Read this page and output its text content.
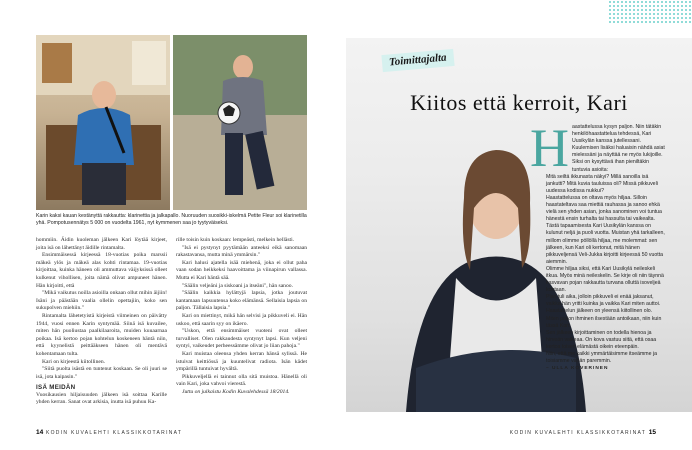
Karin kaksi kauan kestänyttä rakkautta: klarinettia ja jalkapallo. Nuoruuden suosikki-iskelmä Petite Fleur soi klarinetilla yhä. Pompotusennätys 5 000 on vuodelta 1961, nyt kymmenen saa jo tyytyväiseksi.

hommiin. Äidin kuoleman jälkeen Kari löytää kirjeet, joita isä on lähettänyt äidille rintamalta.

Ensimmäisessä kirjeessä 18-vuotias poika marssii mäkeä ylös ja mäkeä alas kohti rintamaa. 19-vuotias kirjoittaa, kuinka häneen oli ammuttava väijyksissä olleet kulkenut vihollisen, joita nämä olivat ampuneet hänen. Hän kirjoitti, että

"Mikä vaikutus noilla asioilla onkaan ollut mihin äijiin! Isäni ja päästään vaalia ollelin opettajiin, koko sen sukupolven miehiin."

Rintamalta lähetetyistä kirjeistä viimeinen on päivätty 1944, vuosi ennen Karin syntymää. Siinä isä kuvailee, miten hän puoliustaa paalkilaaroita, muiden kuuaarnaa poikaa. Isä kertoo pojan kohtelun koskeneen häntä niin, että kyynelistä peittääkseen hänen oli mentävä kohentamaan tulta.

Kari on kirjeestä kiitollinen.

"Siitä puolta isästä en tuntenut koskaan. Se oli juuri se isä, jota kaipasin."

ISÄ MEIDÄN

Vuosikausien hiljaisuuden jälkeen isä soittaa Karille yhden kerran. Sanat ovat arkisia, inutta isä puhuu Ka-

rille toisin kuin koskaan: lempeästi, melkein hellästi.

"Isä ei pystynyt pyytämään anteeksi eikä sanomaan rakastavansa, mutta minä ymmärsin."

Kari halusi ajatella isää miehenä, joka ei ollut paha vaan sodan heikkeksi haavoittama ja viinapirun vallassa. Mutta ei Kari häntä sää.

"Säälin veljeäni ja siskoani ja itseäni", hän sanoo.

"Säälin kaikkia hylättyjä lapsia, jotka joutuvat kantamaan lapsuutensa koko elämänsä. Sellaisia lapsia on paljon. Tällaisia lapsia."

Kari on miettinyt, mikä hän selvisi ja pikkuveli ei. Hän uskoo, että saarin syy on ikäero.

"Uskon, että ensimmäiset vuoteni ovat olleet turvalliset. Olen rakkaudesta syntynyt lapsi. Kun veljeni syntyi, vaikeudet perheessämme olivat jo liian pahoja."

Kari muistaa oleensa yhden kerran hänsä sylissä. He istuivat keittiössä ja kuuntelivat radiota. Isän kädet ympärillä tuntuivat hyvältä.

Pikkuveljellä ei tainnut olla sitä muistoa. Hänellä oli vain Kari, joka vahvoi vierestä.

Juttu on julkaistu Kodin Kuvalehdessä 18/2014.

14 KODIN KUVALEHTI KLASSIKKOTARINAT
Toimittajalta
Kiitos että kerroit, Kari
H aastattelussa kysyn paljon. Niin tätäkin henkilöhaastattelua tehdessä, Kari Uusikylän kanssa jutellessani. Kuulemisen lisäksi haluaisin nähdä asiat mielessäni ja näyttää ne myös lukijoille. Siksi on kysyttävä ihan pieniltäkin tuntuvia asioita:

Mitä seiltä ikkunasta näkyi? Millä sanoilla isä jankutti? Mitä kuvia tauluissa oli? Missä pikkuveli uudessa kodissa nukkui?

Haastattelussa on oltava myös hiljaa. Silloin haastateltava saa miettiä rauhassa ja sanoo ehkä vielä sen yhden asian, jonka sanominen voi tuntua hänestä ensin turhalta tai hassulta tai vaikealta.

Tästä tapaamisesta Kari Uusikylän kanssa on kulunut neljä ja puoli vuotta. Muistan yhä tarkalleen, millom olimme pöllöllä hiljaa, me molemmat: sen jälkeen, kun Kari oli kertonut, mitä hänen pikkuveljensä Veli-Jukka kirjoitti kirjeessä 50 vuotta aiemmin.

Olimme hiljaa siksi, että Kari Uusikylä neileskeli itkua. Myös minä neileskelin. Se kirje oli niin täynnä kasvavan pojan rakkautta turvana olluttä isoveljeä kohtaan.

Plan tuli aika, jolloin pikkuveli ei enää jaksanut, vaikka hän yritti kuinka ja vaikka Kari miten auttoi.

Haastattelun jälkeen on yleensä kiitollinen olo. Miten paljon ihminen ilsestään antoikaan, niin kuin tässä Kari.

Sen jälkeen kirjoittaminen on todella hienoa ja hirveän vaikeaa. On kova vastuu siitä, että osaa kertoa toisen elämästä oikein eteenpäin.

Niin, että me kaikki ymmärtäisimme itseämme ja toisiamme vähän paremmin.

– ULLA KOVERINEN

KODIN KUVALEHTI KLASSIKKOTARINAT 15
